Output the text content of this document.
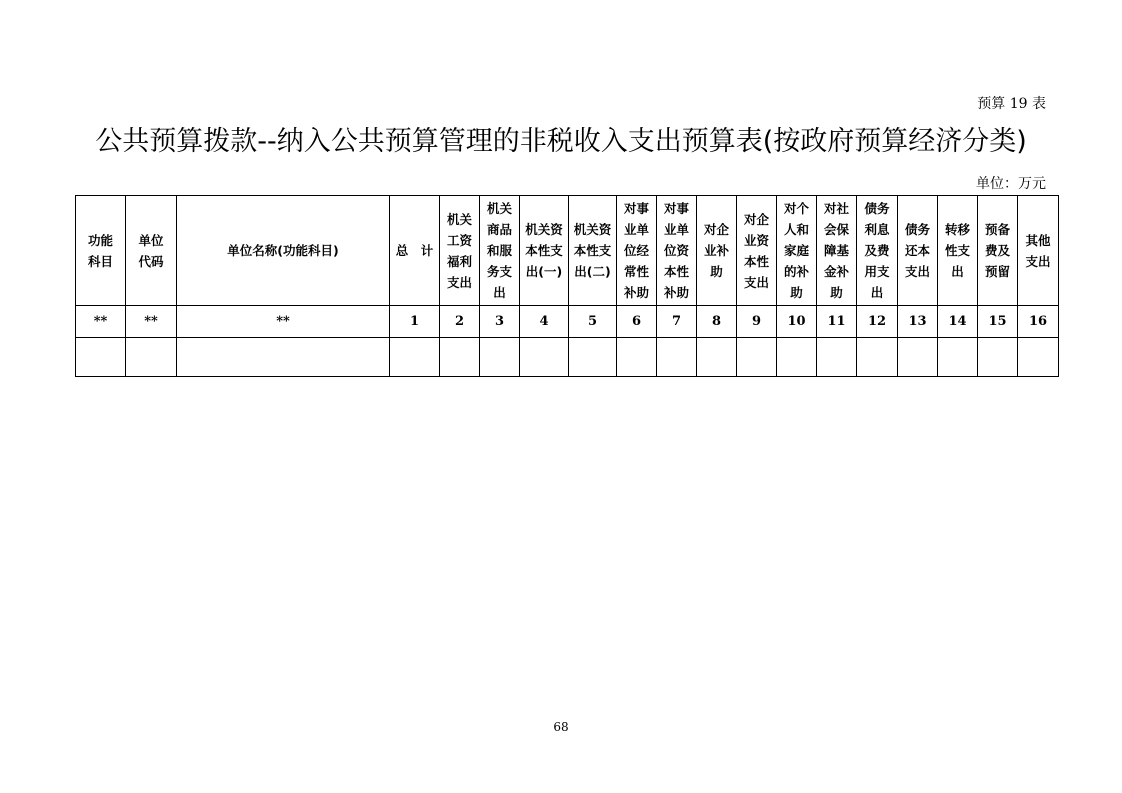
预算 19 表
公共预算拨款--纳入公共预算管理的非税收入支出预算表(按政府预算经济分类)
单位：万元
功能
科目	单位
代码	单位名称(功能科目)	总　计	机关
工资
福利
支出	机关
商品
和服
务支
出	机关资
本性支
出(一)	机关资
本性支
出(二)	对事
业单
位经
常性
补助	对事
业单
位资
本性
补助	对企
业补
助	对企
业资
本性
支出	对个
人和
家庭
的补
助	对社
会保
障基
金补
助	债务
利息
及费
用支
出	债务
还本
支出	转移
性支
出	预备
费及
预留	其他
支出
**	**	**	1	2	3	4	5	6	7	8	9	10	11	12	13	14	15	16

68
